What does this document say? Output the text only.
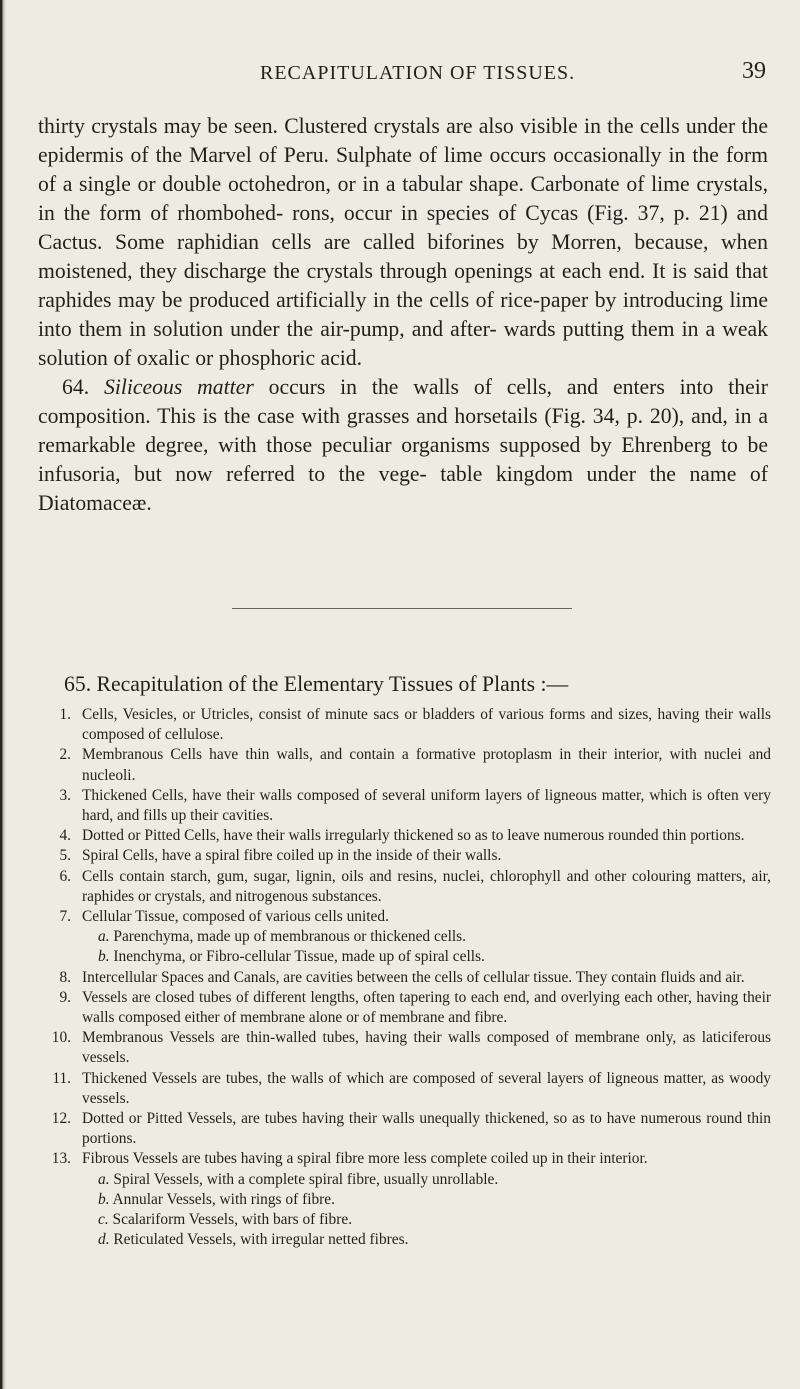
RECAPITULATION OF TISSUES.	39

thirty crystals may be seen. Clustered crystals are also visible in the cells under the epidermis of the Marvel of Peru. Sulphate of lime occurs occasionally in the form of a single or double octohedron, or in a tabular shape. Carbonate of lime crystals, in the form of rhombohed- rons, occur in species of Cycas (Fig. 37, p. 21) and Cactus. Some raphidian cells are called biforines by Morren, because, when moistened, they discharge the crystals through openings at each end. It is said that raphides may be produced artificially in the cells of rice-paper by introducing lime into them in solution under the air-pump, and after- wards putting them in a weak solution of oxalic or phosphoric acid.

64. Siliceous matter occurs in the walls of cells, and enters into their composition. This is the case with grasses and horsetails (Fig. 34, p. 20), and, in a remarkable degree, with those peculiar organisms supposed by Ehrenberg to be infusoria, but now referred to the vege- table kingdom under the name of Diatomaceæ.

65. Recapitulation of the Elementary Tissues of Plants :—
1. Cells, Vesicles, or Utricles, consist of minute sacs or bladders of various forms and sizes, having their walls composed of cellulose.
2. Membranous Cells have thin walls, and contain a formative protoplasm in their interior, with nuclei and nucleoli.
3. Thickened Cells, have their walls composed of several uniform layers of ligneous matter, which is often very hard, and fills up their cavities.
4. Dotted or Pitted Cells, have their walls irregularly thickened so as to leave numerous rounded thin portions.
5. Spiral Cells, have a spiral fibre coiled up in the inside of their walls.
6. Cells contain starch, gum, sugar, lignin, oils and resins, nuclei, chlorophyll and other colouring matters, air, raphides or crystals, and nitrogenous substances.
7. Cellular Tissue, composed of various cells united.
a. Parenchyma, made up of membranous or thickened cells.
b. Inenchyma, or Fibro-cellular Tissue, made up of spiral cells.
8. Intercellular Spaces and Canals, are cavities between the cells of cellular tissue. They contain fluids and air.
9. Vessels are closed tubes of different lengths, often tapering to each end, and overlying each other, having their walls composed either of membrane alone or of membrane and fibre.
10. Membranous Vessels are thin-walled tubes, having their walls composed of membrane only, as laticiferous vessels.
11. Thickened Vessels are tubes, the walls of which are composed of several layers of ligneous matter, as woody vessels.
12. Dotted or Pitted Vessels, are tubes having their walls unequally thickened, so as to have numerous round thin portions.
13. Fibrous Vessels are tubes having a spiral fibre more less complete coiled up in their interior.
a. Spiral Vessels, with a complete spiral fibre, usually unrollable.
b. Annular Vessels, with rings of fibre.
c. Scalariform Vessels, with bars of fibre.
d. Reticulated Vessels, with irregular netted fibres.
